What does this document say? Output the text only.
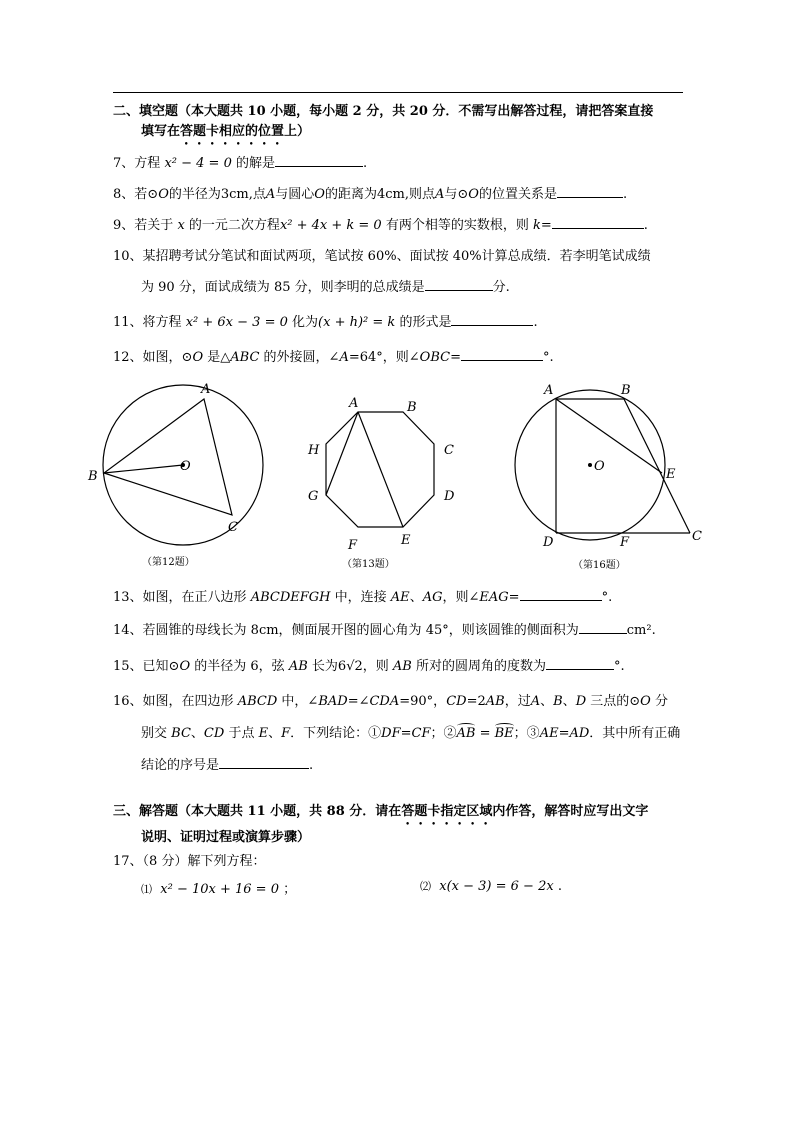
二、填空题（本大题共 10 小题，每小题 2 分，共 20 分．不需写出解答过程，请把答案直接
填写在答题卡相应的位置上）
7、方程 x² − 4 = 0 的解是	.
8、若⊙O的半径为3cm,点A与圆心O的距离为4cm,则点A与⊙O的位置关系是	.
9、若关于 x 的一元二次方程x² + 4x + k = 0 有两个相等的实数根，则 k=	.
10、某招聘考试分笔试和面试两项，笔试按 60%、面试按 40%计算总成绩．若李明笔试成绩
为 90 分，面试成绩为 85 分，则李明的总成绩是	分.
11、将方程 x² + 6x − 3 = 0 化为(x + h)² = k 的形式是	.
12、如图，⊙O 是△ABC 的外接圆，∠A=64°，则∠OBC=	°.
A
B
C
O
（第12题）
A	B
C
D
E
F
G
H
（第13题）
A	B
C
D
E
F
O
（第16题）
13、如图，在正八边形 ABCDEFGH 中，连接 AE、AG，则∠EAG=	°.
14、若圆锥的母线长为 8cm，侧面展开图的圆心角为 45°，则该圆锥的侧面积为	cm².
15、已知⊙O 的半径为 6，弦 AB 长为6√2，则 AB 所对的圆周角的度数为	°.
16、如图，在四边形 ABCD 中，∠BAD=∠CDA=90°，CD=2AB，过A、B、D 三点的⊙O 分
别交 BC、CD 于点 E、F．下列结论：①DF=CF；②
AB =
BE；③AE=AD．其中所有正确
结论的序号是	.
三、解答题（本大题共 11 小题，共 88 分．请在答题卡指定区域内作答，解答时应写出文字
说明、证明过程或演算步骤）
17、（8 分）解下列方程：
⑴ x² − 10x + 16 = 0 ；	⑵ x(x − 3) = 6 − 2x .
